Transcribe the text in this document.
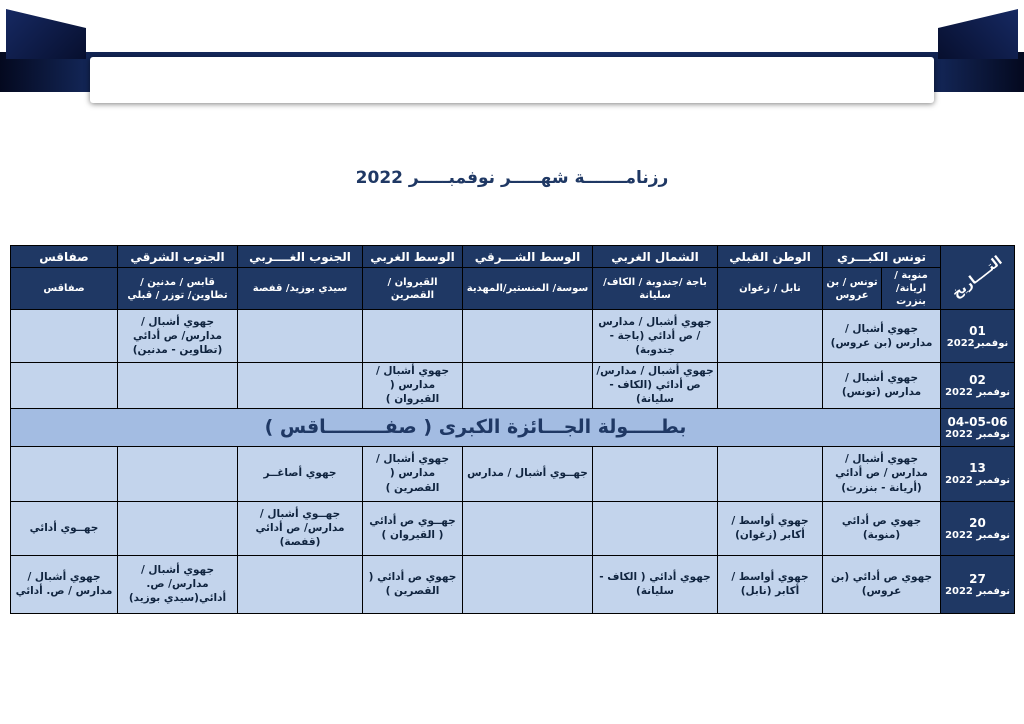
رزنامـــــــة شهـــــر نوفمبـــــر 2022
التــــاريخ	تونس الكبـــري		الوطن القبلي	الشمال الغربي	الوسط الشـــرقي	الوسط الغربي	الجنوب الغــــربي	الجنوب الشرقي	صفاقس
	منوبة / اريانة/بنزرت	تونس / بن عروس	نابل / زغوان	باجة /جندوبة / الكاف/ سليانة	سوسة/ المنستير/المهدية	القيروان / القصرين	سيدي بوزيد/ قفصة	قابس / مدنين / تطاوين/ توزر / قبلي	صفاقس

01
نوفمبر2022	جهوي أشبال / مدارس (بن عروس)			جهوي أشبال / مدارس / ص أدائي (باجة - جندوبة)				جهوي أشبال / مدارس/ ص أدائي (تطاوين - مدنين)	

02
نوفمبر 2022	جهوي أشبال / مدارس (تونس)			جهوي أشبال / مدارس/ ص أدائي (الكاف - سليانة)		جهوي أشبال / مدارس ( القيروان )			

04-05-06
نوفمبر 2022	بطـــــولة الجـــائزة الكبرى ( صفـــــــــاقس )								

13
نوفمبر 2022	جهوي أشبال / مدارس / ص أدائي (أريانة - بنزرت)				جهــوي أشبال / مدارس	جهوي أشبال / مدارس ( القصرين )	جهوي أصاغــر		

20
نوفمبر 2022	جهوي ص أدائي (منوبة)		جهوي أواسط / أكابر (زغوان)			جهــوي ص أدائي ( القيروان )	جهــوي أشبال / مدارس/ ص أدائي (قفصة)		جهــوي أدائي

27
نوفمبر 2022	جهوي ص أدائي (بن عروس)		جهوي أواسط / أكابر (نابل)	جهوي أدائي ( الكاف - سليانة)		جهوي ص أدائي ( القصرين )		جهوي أشبال / مدارس/ ص. أدائي(سيدي بوزيد)	جهوي أشبال / مدارس / ص. أدائي
